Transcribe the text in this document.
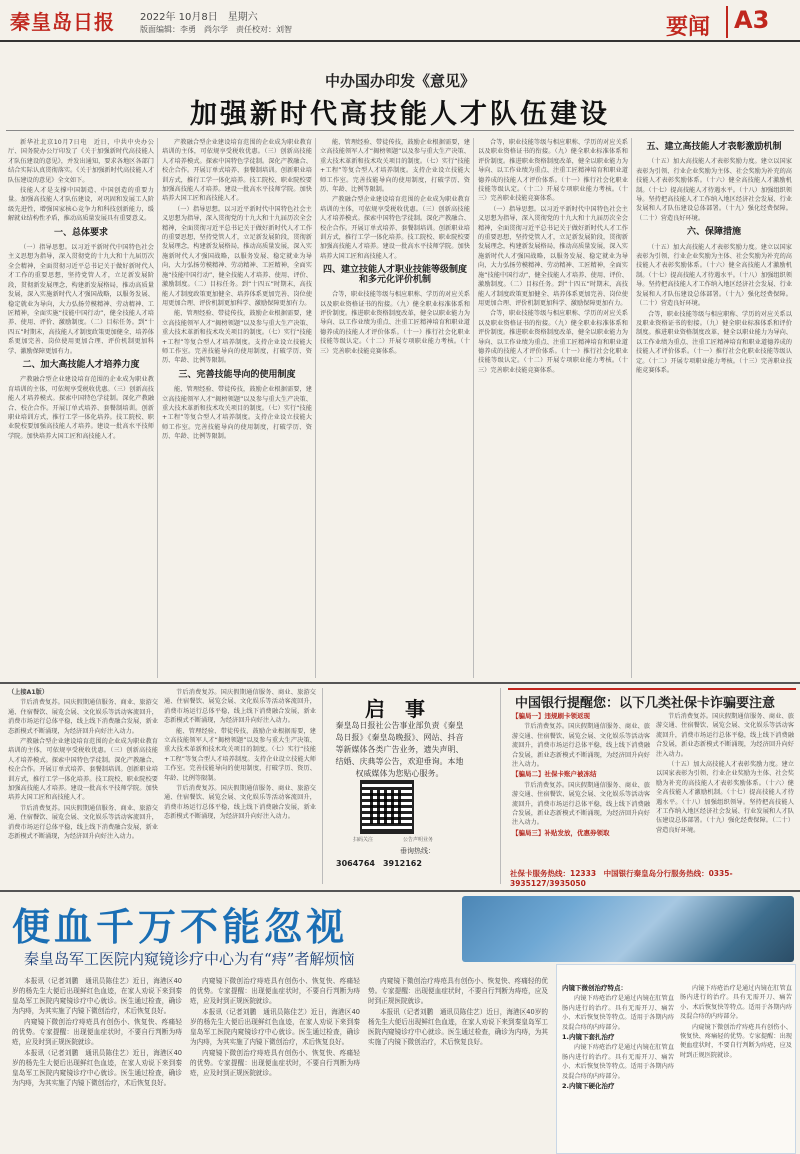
秦皇岛日报	2022年 10月8日　星期六
版面编辑：李勇　尚尔学　责任校对：刘智	要闻 A3
中办国办印发《意见》
加强新时代高技能人才队伍建设

新华社北京10月7日电　近日，中共中央办公厅、国务院办公厅印发了《关于加强新时代高技能人才队伍建设的意见》，并发出通知，要求各地区各部门结合实际认真贯彻落实。《关于加强新时代高技能人才队伍建设的意见》全文如下。

技能人才是支撑中国制造、中国创造的重要力量。加强高技能人才队伍建设，对巩固和发展工人阶级先进性，增强国家核心竞争力和科技创新能力，缓解就业结构性矛盾，推动高质量发展具有重要意义。

一、总体要求

（一）指导思想。以习近平新时代中国特色社会主义思想为指导，深入贯彻党的十九大和十九届历次全会精神，全面贯彻习近平总书记关于做好新时代人才工作的重要思想，坚持党管人才，立足新发展阶段，贯彻新发展理念，构建新发展格局，推动高质量发展，深入实施新时代人才强国战略，以服务发展、稳定就业为导向，大力弘扬劳模精神、劳动精神、工匠精神，全面实施“技能中国行动”，健全技能人才培养、使用、评价、激励制度。（二）目标任务。到“十四五”时期末，高技能人才制度政策更加健全、培养体系更加完善、岗位使用更加合理、评价机制更加科学、激励保障更加有力。

二、加大高技能人才培养力度

产教融合型企业建设培育范围的企业成为职业教育培训的主体，可依规享受税收优惠。（三）创新高技能人才培养模式。探索中国特色学徒制。深化产教融合、校企合作。开展订单式培养、套餐制培训。创新职业培训方式，推行工学一体化培养。技工院校、职业院校要加强高技能人才培养。建设一批高水平技师学院。加快培养大国工匠和高技能人才。

产教融合型企业建设培育范围的企业成为职业教育培训的主体，可依规享受税收优惠。（三）创新高技能人才培养模式。探索中国特色学徒制。深化产教融合、校企合作。开展订单式培养、套餐制培训。创新职业培训方式，推行工学一体化培养。技工院校、职业院校要加强高技能人才培养。建设一批高水平技师学院。加快培养大国工匠和高技能人才。

（一）指导思想。以习近平新时代中国特色社会主义思想为指导，深入贯彻党的十九大和十九届历次全会精神，全面贯彻习近平总书记关于做好新时代人才工作的重要思想，坚持党管人才，立足新发展阶段，贯彻新发展理念，构建新发展格局，推动高质量发展，深入实施新时代人才强国战略，以服务发展、稳定就业为导向，大力弘扬劳模精神、劳动精神、工匠精神，全面实施“技能中国行动”，健全技能人才培养、使用、评价、激励制度。（二）目标任务。到“十四五”时期末，高技能人才制度政策更加健全、培养体系更加完善、岗位使用更加合理、评价机制更加科学、激励保障更加有力。

能、管理经验、带徒传技，鼓励企业根据需要，建立高技能领军人才“揭榜领题”以及参与重大生产决策、重大技术革新和技术攻关项目的制度。（七）实行“技能+工程”等复合型人才培养制度。支持企业设立技能大师工作室。完善技能导向的使用制度，打破学历、资历、年龄、比例等限制。

三、完善技能导向的使用制度

能、管理经验、带徒传技，鼓励企业根据需要，建立高技能领军人才“揭榜领题”以及参与重大生产决策、重大技术革新和技术攻关项目的制度。（七）实行“技能+工程”等复合型人才培养制度。支持企业设立技能大师工作室。完善技能导向的使用制度，打破学历、资历、年龄、比例等限制。

能、管理经验、带徒传技，鼓励企业根据需要，建立高技能领军人才“揭榜领题”以及参与重大生产决策、重大技术革新和技术攻关项目的制度。（七）实行“技能+工程”等复合型人才培养制度。支持企业设立技能大师工作室。完善技能导向的使用制度，打破学历、资历、年龄、比例等限制。

产教融合型企业建设培育范围的企业成为职业教育培训的主体，可依规享受税收优惠。（三）创新高技能人才培养模式。探索中国特色学徒制。深化产教融合、校企合作。开展订单式培养、套餐制培训。创新职业培训方式，推行工学一体化培养。技工院校、职业院校要加强高技能人才培养。建设一批高水平技师学院。加快培养大国工匠和高技能人才。

四、建立技能人才职业技能等级制度和多元化评价机制

合等，职业技能等级与相应职称、学历的对应关系以及职业资格证书的衔接。（九）健全职业标准体系和评价制度。推进职业资格制度改革，健全以职业能力为导向、以工作业绩为重点、注重工匠精神培育和职业道德养成的技能人才评价体系。（十一）推行社会化职业技能等级认定。（十二）开展专项职业能力考核。（十三）完善职业技能竞赛体系。

合等，职业技能等级与相应职称、学历的对应关系以及职业资格证书的衔接。（九）健全职业标准体系和评价制度。推进职业资格制度改革，健全以职业能力为导向、以工作业绩为重点、注重工匠精神培育和职业道德养成的技能人才评价体系。（十一）推行社会化职业技能等级认定。（十二）开展专项职业能力考核。（十三）完善职业技能竞赛体系。

（一）指导思想。以习近平新时代中国特色社会主义思想为指导，深入贯彻党的十九大和十九届历次全会精神，全面贯彻习近平总书记关于做好新时代人才工作的重要思想，坚持党管人才，立足新发展阶段，贯彻新发展理念，构建新发展格局，推动高质量发展，深入实施新时代人才强国战略，以服务发展、稳定就业为导向，大力弘扬劳模精神、劳动精神、工匠精神，全面实施“技能中国行动”，健全技能人才培养、使用、评价、激励制度。（二）目标任务。到“十四五”时期末，高技能人才制度政策更加健全、培养体系更加完善、岗位使用更加合理、评价机制更加科学、激励保障更加有力。

合等，职业技能等级与相应职称、学历的对应关系以及职业资格证书的衔接。（九）健全职业标准体系和评价制度。推进职业资格制度改革，健全以职业能力为导向、以工作业绩为重点、注重工匠精神培育和职业道德养成的技能人才评价体系。（十一）推行社会化职业技能等级认定。（十二）开展专项职业能力考核。（十三）完善职业技能竞赛体系。

五、建立高技能人才表彰激励机制

（十五）加大高技能人才表彰奖励力度。建立以国家表彰为引领、行业企业奖励为主体、社会奖励为补充的高技能人才表彰奖励体系。（十六）健全高技能人才激励机制。（十七）提高技能人才待遇水平。（十八）加强组织领导。坚持把高技能人才工作纳入地区经济社会发展、行业发展和人才队伍建设总体部署。（十九）强化经费保障。（二十）营造良好环境。

六、保障措施

（十五）加大高技能人才表彰奖励力度。建立以国家表彰为引领、行业企业奖励为主体、社会奖励为补充的高技能人才表彰奖励体系。（十六）健全高技能人才激励机制。（十七）提高技能人才待遇水平。（十八）加强组织领导。坚持把高技能人才工作纳入地区经济社会发展、行业发展和人才队伍建设总体部署。（十九）强化经费保障。（二十）营造良好环境。

合等，职业技能等级与相应职称、学历的对应关系以及职业资格证书的衔接。（九）健全职业标准体系和评价制度。推进职业资格制度改革，健全以职业能力为导向、以工作业绩为重点、注重工匠精神培育和职业道德养成的技能人才评价体系。（十一）推行社会化职业技能等级认定。（十二）开展专项职业能力考核。（十三）完善职业技能竞赛体系。

（上接A1版）

节后消费复苏。国庆假期通信服务、商业、旅游交通、住宿餐饮、展览会展、文化娱乐等活动客流回升，消费市场运行总体平稳，线上线下消费融合发展，新业态新模式不断涌现，为经济回升向好注入动力。

产教融合型企业建设培育范围的企业成为职业教育培训的主体，可依规享受税收优惠。（三）创新高技能人才培养模式。探索中国特色学徒制。深化产教融合、校企合作。开展订单式培养、套餐制培训。创新职业培训方式，推行工学一体化培养。技工院校、职业院校要加强高技能人才培养。建设一批高水平技师学院。加快培养大国工匠和高技能人才。

节后消费复苏。国庆假期通信服务、商业、旅游交通、住宿餐饮、展览会展、文化娱乐等活动客流回升，消费市场运行总体平稳，线上线下消费融合发展，新业态新模式不断涌现，为经济回升向好注入动力。

节后消费复苏。国庆假期通信服务、商业、旅游交通、住宿餐饮、展览会展、文化娱乐等活动客流回升，消费市场运行总体平稳，线上线下消费融合发展，新业态新模式不断涌现，为经济回升向好注入动力。

能、管理经验、带徒传技，鼓励企业根据需要，建立高技能领军人才“揭榜领题”以及参与重大生产决策、重大技术革新和技术攻关项目的制度。（七）实行“技能+工程”等复合型人才培养制度。支持企业设立技能大师工作室。完善技能导向的使用制度，打破学历、资历、年龄、比例等限制。

节后消费复苏。国庆假期通信服务、商业、旅游交通、住宿餐饮、展览会展、文化娱乐等活动客流回升，消费市场运行总体平稳，线上线下消费融合发展，新业态新模式不断涌现，为经济回升向好注入动力。

启　事
秦皇岛日报社公告事业部负责《秦皇岛日报》《秦皇岛晚报》、网站、抖音等新媒体各类广告业务，遗失声明、结婚、庆典等公告，欢迎垂询。本地权威媒体为您贴心服务。
扫码关注	公告声明业务
垂询热线：
3064764　3912162
中国银行提醒您：以下几类社保卡诈骗要注意

【骗局一】违规刷卡领返现

节后消费复苏。国庆假期通信服务、商业、旅游交通、住宿餐饮、展览会展、文化娱乐等活动客流回升，消费市场运行总体平稳，线上线下消费融合发展，新业态新模式不断涌现，为经济回升向好注入动力。

【骗局二】社保卡账户被冻结

节后消费复苏。国庆假期通信服务、商业、旅游交通、住宿餐饮、展览会展、文化娱乐等活动客流回升，消费市场运行总体平稳，线上线下消费融合发展，新业态新模式不断涌现，为经济回升向好注入动力。

【骗局三】补贴发放，优惠券领取

节后消费复苏。国庆假期通信服务、商业、旅游交通、住宿餐饮、展览会展、文化娱乐等活动客流回升，消费市场运行总体平稳，线上线下消费融合发展，新业态新模式不断涌现，为经济回升向好注入动力。

（十五）加大高技能人才表彰奖励力度。建立以国家表彰为引领、行业企业奖励为主体、社会奖励为补充的高技能人才表彰奖励体系。（十六）健全高技能人才激励机制。（十七）提高技能人才待遇水平。（十八）加强组织领导。坚持把高技能人才工作纳入地区经济社会发展、行业发展和人才队伍建设总体部署。（十九）强化经费保障。（二十）营造良好环境。

社保卡服务热线：12333　中国银行秦皇岛分行服务热线：0335-3935127/3935050
便血千万不能忽视
秦皇岛军工医院内窥镜诊疗中心为有“痔”者解烦恼

本报讯（记者刘鹏　通讯员陈佳艺）近日，海港区40岁的杨先生大便后出现鲜红色血迹，在家人劝说下来到秦皇岛军工医院内窥镜诊疗中心就诊。医生通过检查，确诊为内痔，为其实施了内镜下微创治疗，术后恢复良好。

内窥镜下微创治疗痔疮具有创伤小、恢复快、疼痛轻的优势。专家提醒：出现便血症状时，不要自行判断为痔疮，应及时到正规医院就诊。

本报讯（记者刘鹏　通讯员陈佳艺）近日，海港区40岁的杨先生大便后出现鲜红色血迹，在家人劝说下来到秦皇岛军工医院内窥镜诊疗中心就诊。医生通过检查，确诊为内痔，为其实施了内镜下微创治疗，术后恢复良好。

内窥镜下微创治疗痔疮具有创伤小、恢复快、疼痛轻的优势。专家提醒：出现便血症状时，不要自行判断为痔疮，应及时到正规医院就诊。

本报讯（记者刘鹏　通讯员陈佳艺）近日，海港区40岁的杨先生大便后出现鲜红色血迹，在家人劝说下来到秦皇岛军工医院内窥镜诊疗中心就诊。医生通过检查，确诊为内痔，为其实施了内镜下微创治疗，术后恢复良好。

内窥镜下微创治疗痔疮具有创伤小、恢复快、疼痛轻的优势。专家提醒：出现便血症状时，不要自行判断为痔疮，应及时到正规医院就诊。

内窥镜下微创治疗痔疮具有创伤小、恢复快、疼痛轻的优势。专家提醒：出现便血症状时，不要自行判断为痔疮，应及时到正规医院就诊。

本报讯（记者刘鹏　通讯员陈佳艺）近日，海港区40岁的杨先生大便后出现鲜红色血迹，在家人劝说下来到秦皇岛军工医院内窥镜诊疗中心就诊。医生通过检查，确诊为内痔，为其实施了内镜下微创治疗，术后恢复良好。

内镜下微创治疗特点：

内镜下痔疮治疗是通过内镜在肛管直肠内进行的治疗。具有无需开刀、痛苦小、术后恢复快等特点。适用于各期内痔及混合痔的内痔部分。

1.内镜下套扎治疗

内镜下痔疮治疗是通过内镜在肛管直肠内进行的治疗。具有无需开刀、痛苦小、术后恢复快等特点。适用于各期内痔及混合痔的内痔部分。

2.内镜下硬化治疗

内镜下痔疮治疗是通过内镜在肛管直肠内进行的治疗。具有无需开刀、痛苦小、术后恢复快等特点。适用于各期内痔及混合痔的内痔部分。

内窥镜下微创治疗痔疮具有创伤小、恢复快、疼痛轻的优势。专家提醒：出现便血症状时，不要自行判断为痔疮，应及时到正规医院就诊。
